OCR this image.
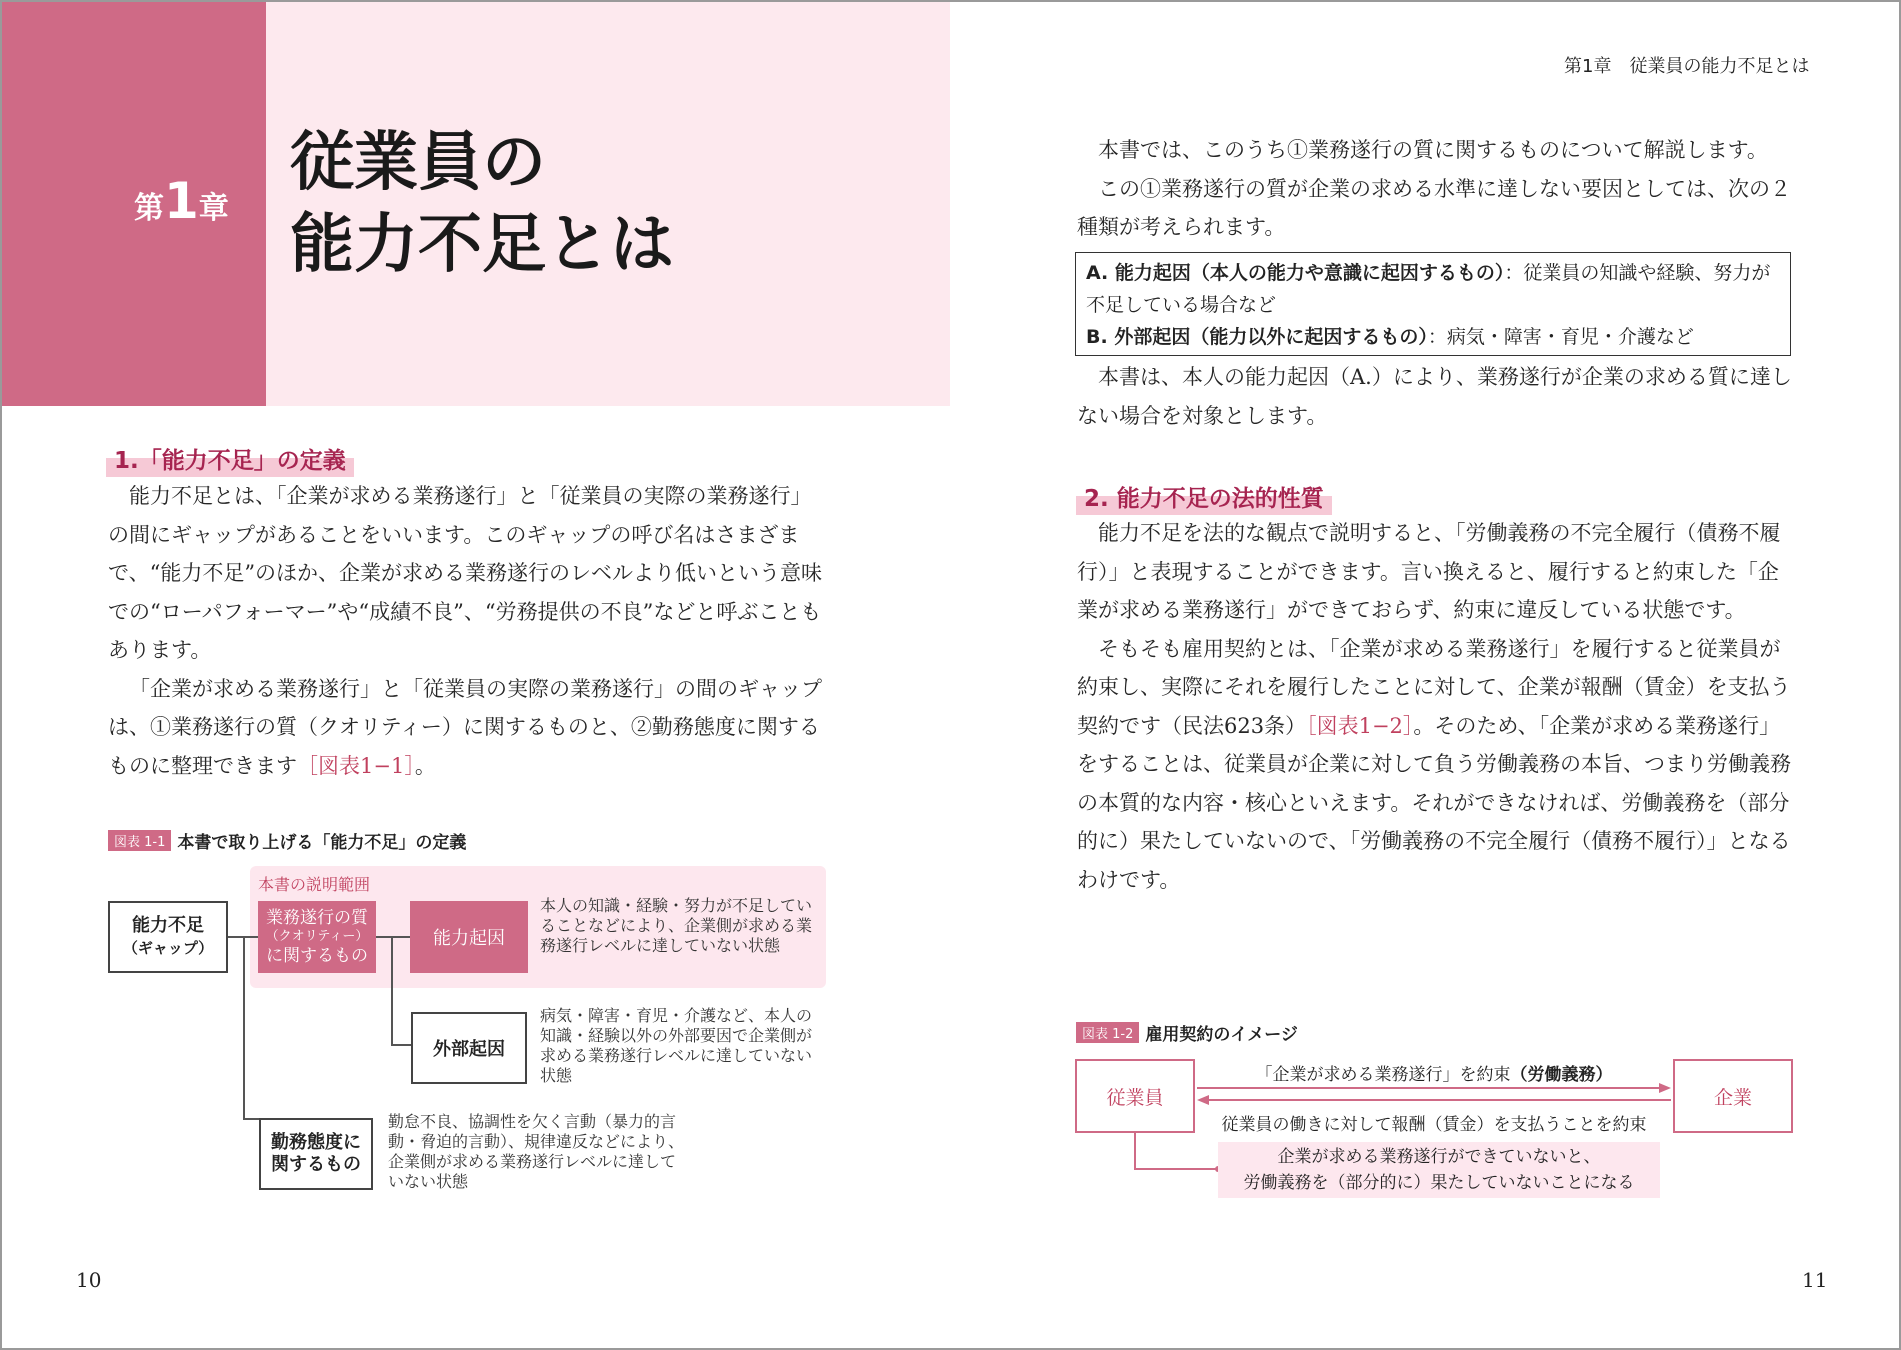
第1章
従業員の
能力不足とは
1.「能力不足」の定義

能力不足とは、「企業が求める業務遂行」と「従業員の実際の業務遂行」の間にギャップがあることをいいます。このギャップの呼び名はさまざまで、“能力不足”のほか、企業が求める業務遂行のレベルより低いという意味での“ローパフォーマー”や“成績不良”、“労務提供の不良”などと呼ぶこともあります。

「企業が求める業務遂行」と「従業員の実際の業務遂行」の間のギャップは、①業務遂行の質（クオリティー）に関するものと、②勤務態度に関するものに整理できます［図表1−1］。

図表 1-1 本書で取り上げる「能力不足」の定義
本書の説明範囲
能力不足
（ギャップ）
業務遂行の質
（クオリティー）
に関するもの
能力起因
本人の知識・経験・努力が不足していることなどにより、企業側が求める業務遂行レベルに達していない状態
外部起因
病気・障害・育児・介護など、本人の知識・経験以外の外部要因で企業側が求める業務遂行レベルに達していない状態
勤務態度に
関するもの
勤怠不良、協調性を欠く言動（暴力的言動・脅迫的言動）、規律違反などにより、企業側が求める業務遂行レベルに達していない状態
10
第1章　従業員の能力不足とは

本書では、このうち①業務遂行の質に関するものについて解説します。

この①業務遂行の質が企業の求める水準に達しない要因としては、次の２種類が考えられます。

A. 能力起因（本人の能力や意識に起因するもの）：従業員の知識や経験、努力が不足している場合など
B. 外部起因（能力以外に起因するもの）：病気・障害・育児・介護など

本書は、本人の能力起因（A.）により、業務遂行が企業の求める質に達しない場合を対象とします。

2. 能力不足の法的性質

能力不足を法的な観点で説明すると、「労働義務の不完全履行（債務不履行）」と表現することができます。言い換えると、履行すると約束した「企業が求める業務遂行」ができておらず、約束に違反している状態です。

そもそも雇用契約とは、「企業が求める業務遂行」を履行すると従業員が約束し、実際にそれを履行したことに対して、企業が報酬（賃金）を支払う契約です（民法623条）［図表1−2］。そのため、「企業が求める業務遂行」をすることは、従業員が企業に対して負う労働義務の本旨、つまり労働義務の本質的な内容・核心といえます。それができなければ、労働義務を（部分的に）果たしていないので、「労働義務の不完全履行（債務不履行）」となるわけです。

図表 1-2 雇用契約のイメージ
従業員	企業
「企業が求める業務遂行」を約束（労働義務）
従業員の働きに対して報酬（賃金）を支払うことを約束
企業が求める業務遂行ができていないと、
労働義務を（部分的に）果たしていないことになる
11
